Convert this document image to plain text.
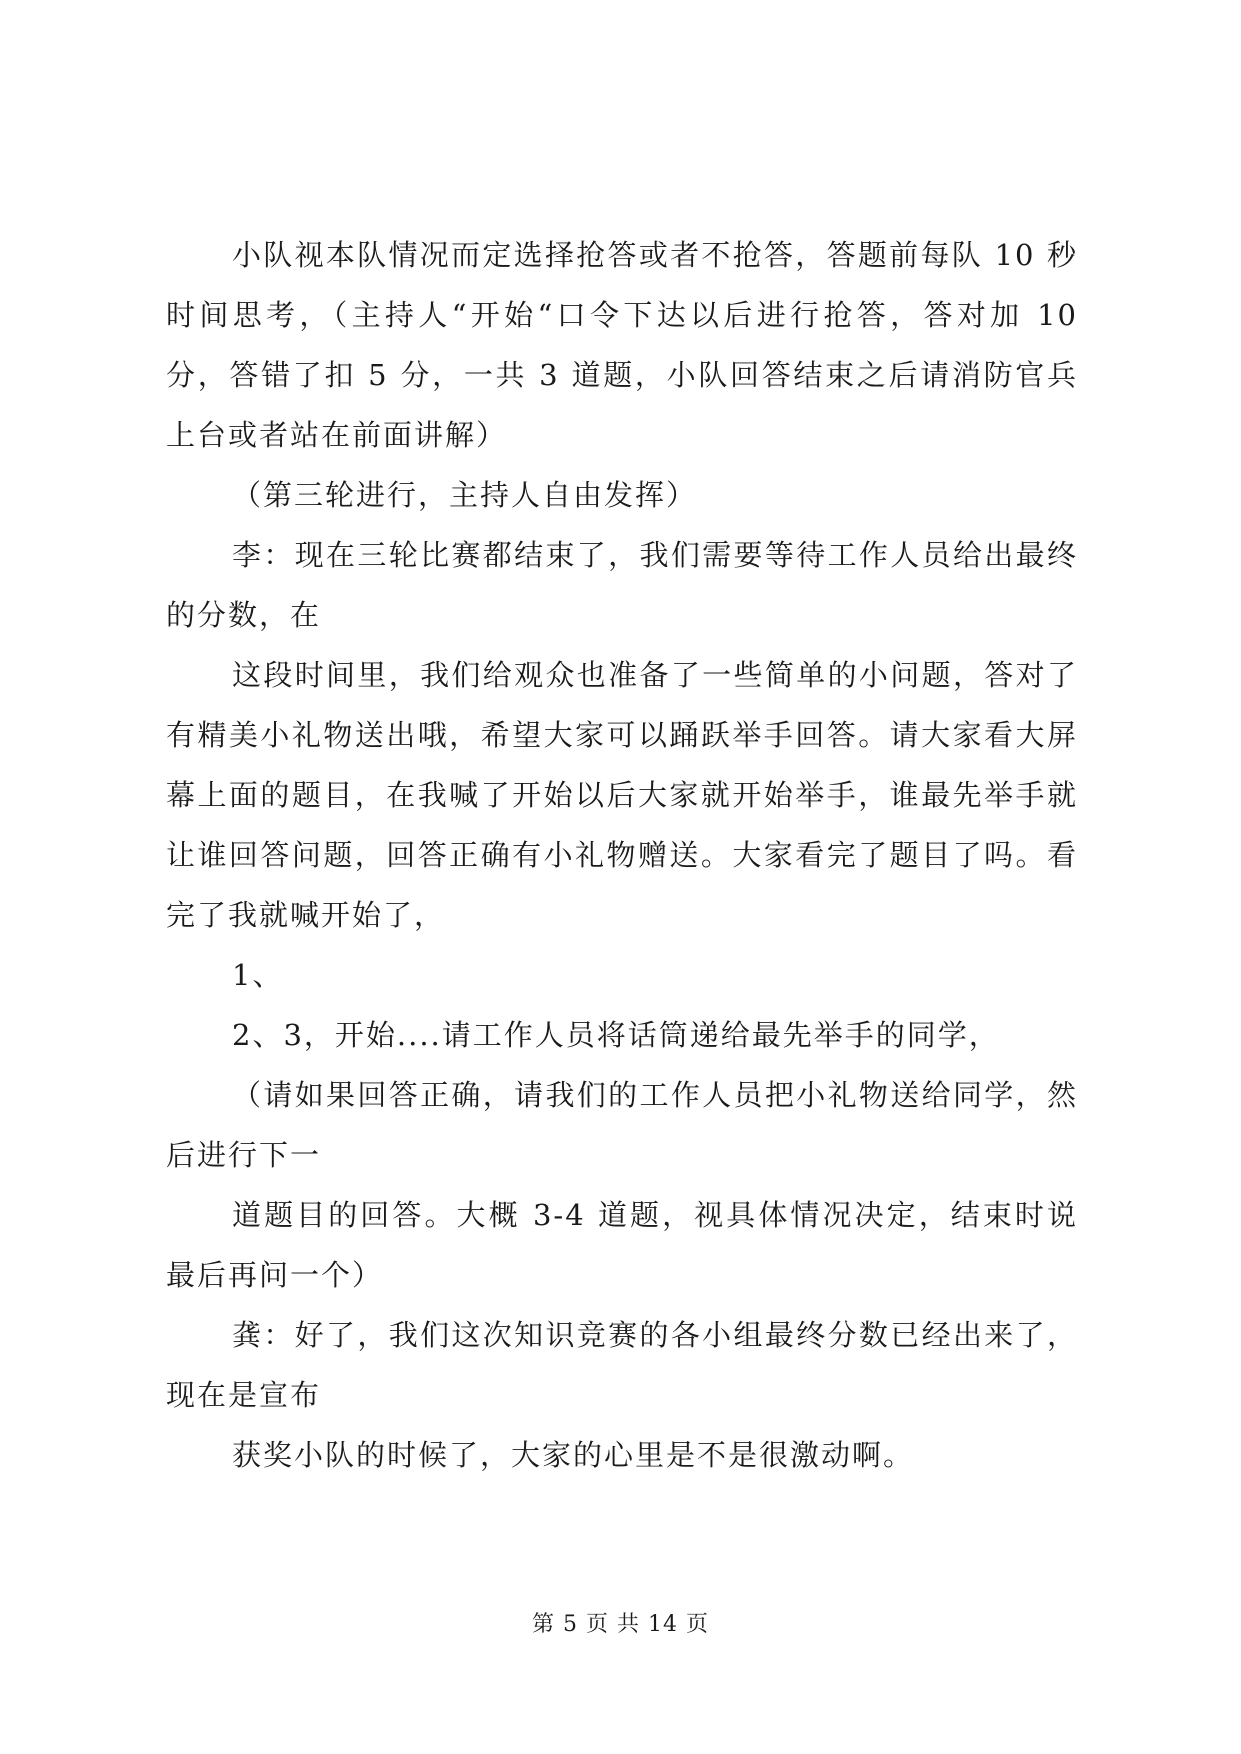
小队视本队情况而定选择抢答或者不抢答，答题前每队 10 秒时间思考，（主持人“开始“口令下达以后进行抢答，答对加 10 分，答错了扣 5 分，一共 3 道题，小队回答结束之后请消防官兵上台或者站在前面讲解）

（第三轮进行，主持人自由发挥）

李：现在三轮比赛都结束了，我们需要等待工作人员给出最终的分数，在

这段时间里，我们给观众也准备了一些简单的小问题，答对了有精美小礼物送出哦，希望大家可以踊跃举手回答。请大家看大屏幕上面的题目，在我喊了开始以后大家就开始举手，谁最先举手就让谁回答问题，回答正确有小礼物赠送。大家看完了题目了吗。看完了我就喊开始了，

1、

2、3，开始....请工作人员将话筒递给最先举手的同学，

（请如果回答正确，请我们的工作人员把小礼物送给同学，然后进行下一

道题目的回答。大概 3-4 道题，视具体情况决定，结束时说最后再问一个）

龚：好了，我们这次知识竞赛的各小组最终分数已经出来了，现在是宣布

获奖小队的时候了，大家的心里是不是很激动啊。

第 5 页 共 14 页
